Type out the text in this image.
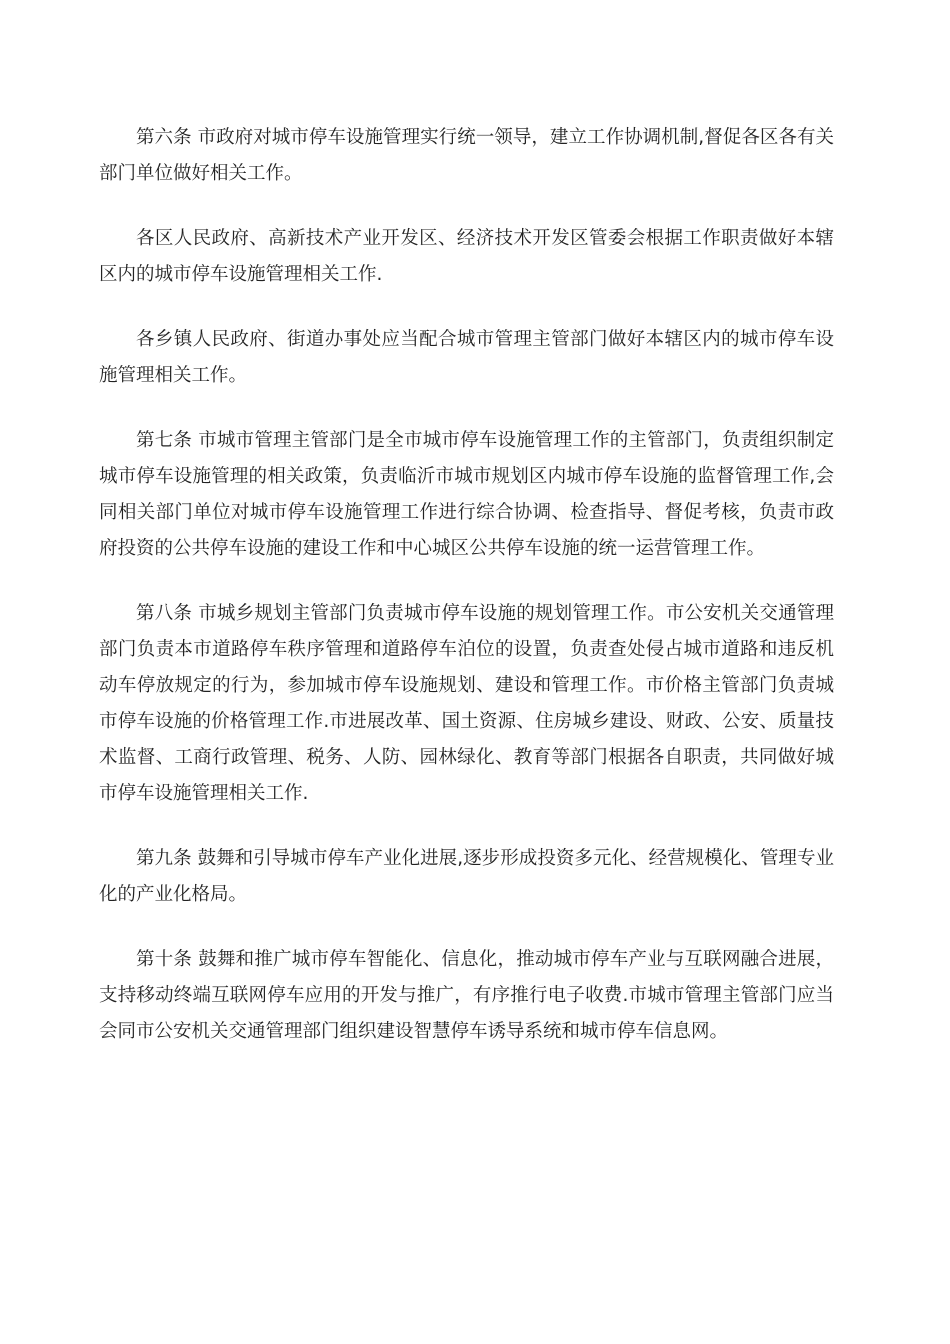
第六条 市政府对城市停车设施管理实行统一领导，建立工作协调机制,督促各区各有关部门单位做好相关工作。

各区人民政府、高新技术产业开发区、经济技术开发区管委会根据工作职责做好本辖区内的城市停车设施管理相关工作.

各乡镇人民政府、街道办事处应当配合城市管理主管部门做好本辖区内的城市停车设施管理相关工作。

第七条 市城市管理主管部门是全市城市停车设施管理工作的主管部门，负责组织制定城市停车设施管理的相关政策，负责临沂市城市规划区内城市停车设施的监督管理工作,会同相关部门单位对城市停车设施管理工作进行综合协调、检查指导、督促考核，负责市政府投资的公共停车设施的建设工作和中心城区公共停车设施的统一运营管理工作。

第八条 市城乡规划主管部门负责城市停车设施的规划管理工作。市公安机关交通管理部门负责本市道路停车秩序管理和道路停车泊位的设置，负责查处侵占城市道路和违反机动车停放规定的行为，参加城市停车设施规划、建设和管理工作。市价格主管部门负责城市停车设施的价格管理工作.市进展改革、国土资源、住房城乡建设、财政、公安、质量技术监督、工商行政管理、税务、人防、园林绿化、教育等部门根据各自职责，共同做好城市停车设施管理相关工作.

第九条 鼓舞和引导城市停车产业化进展,逐步形成投资多元化、经营规模化、管理专业化的产业化格局。

第十条 鼓舞和推广城市停车智能化、信息化，推动城市停车产业与互联网融合进展，支持移动终端互联网停车应用的开发与推广，有序推行电子收费.市城市管理主管部门应当会同市公安机关交通管理部门组织建设智慧停车诱导系统和城市停车信息网。
